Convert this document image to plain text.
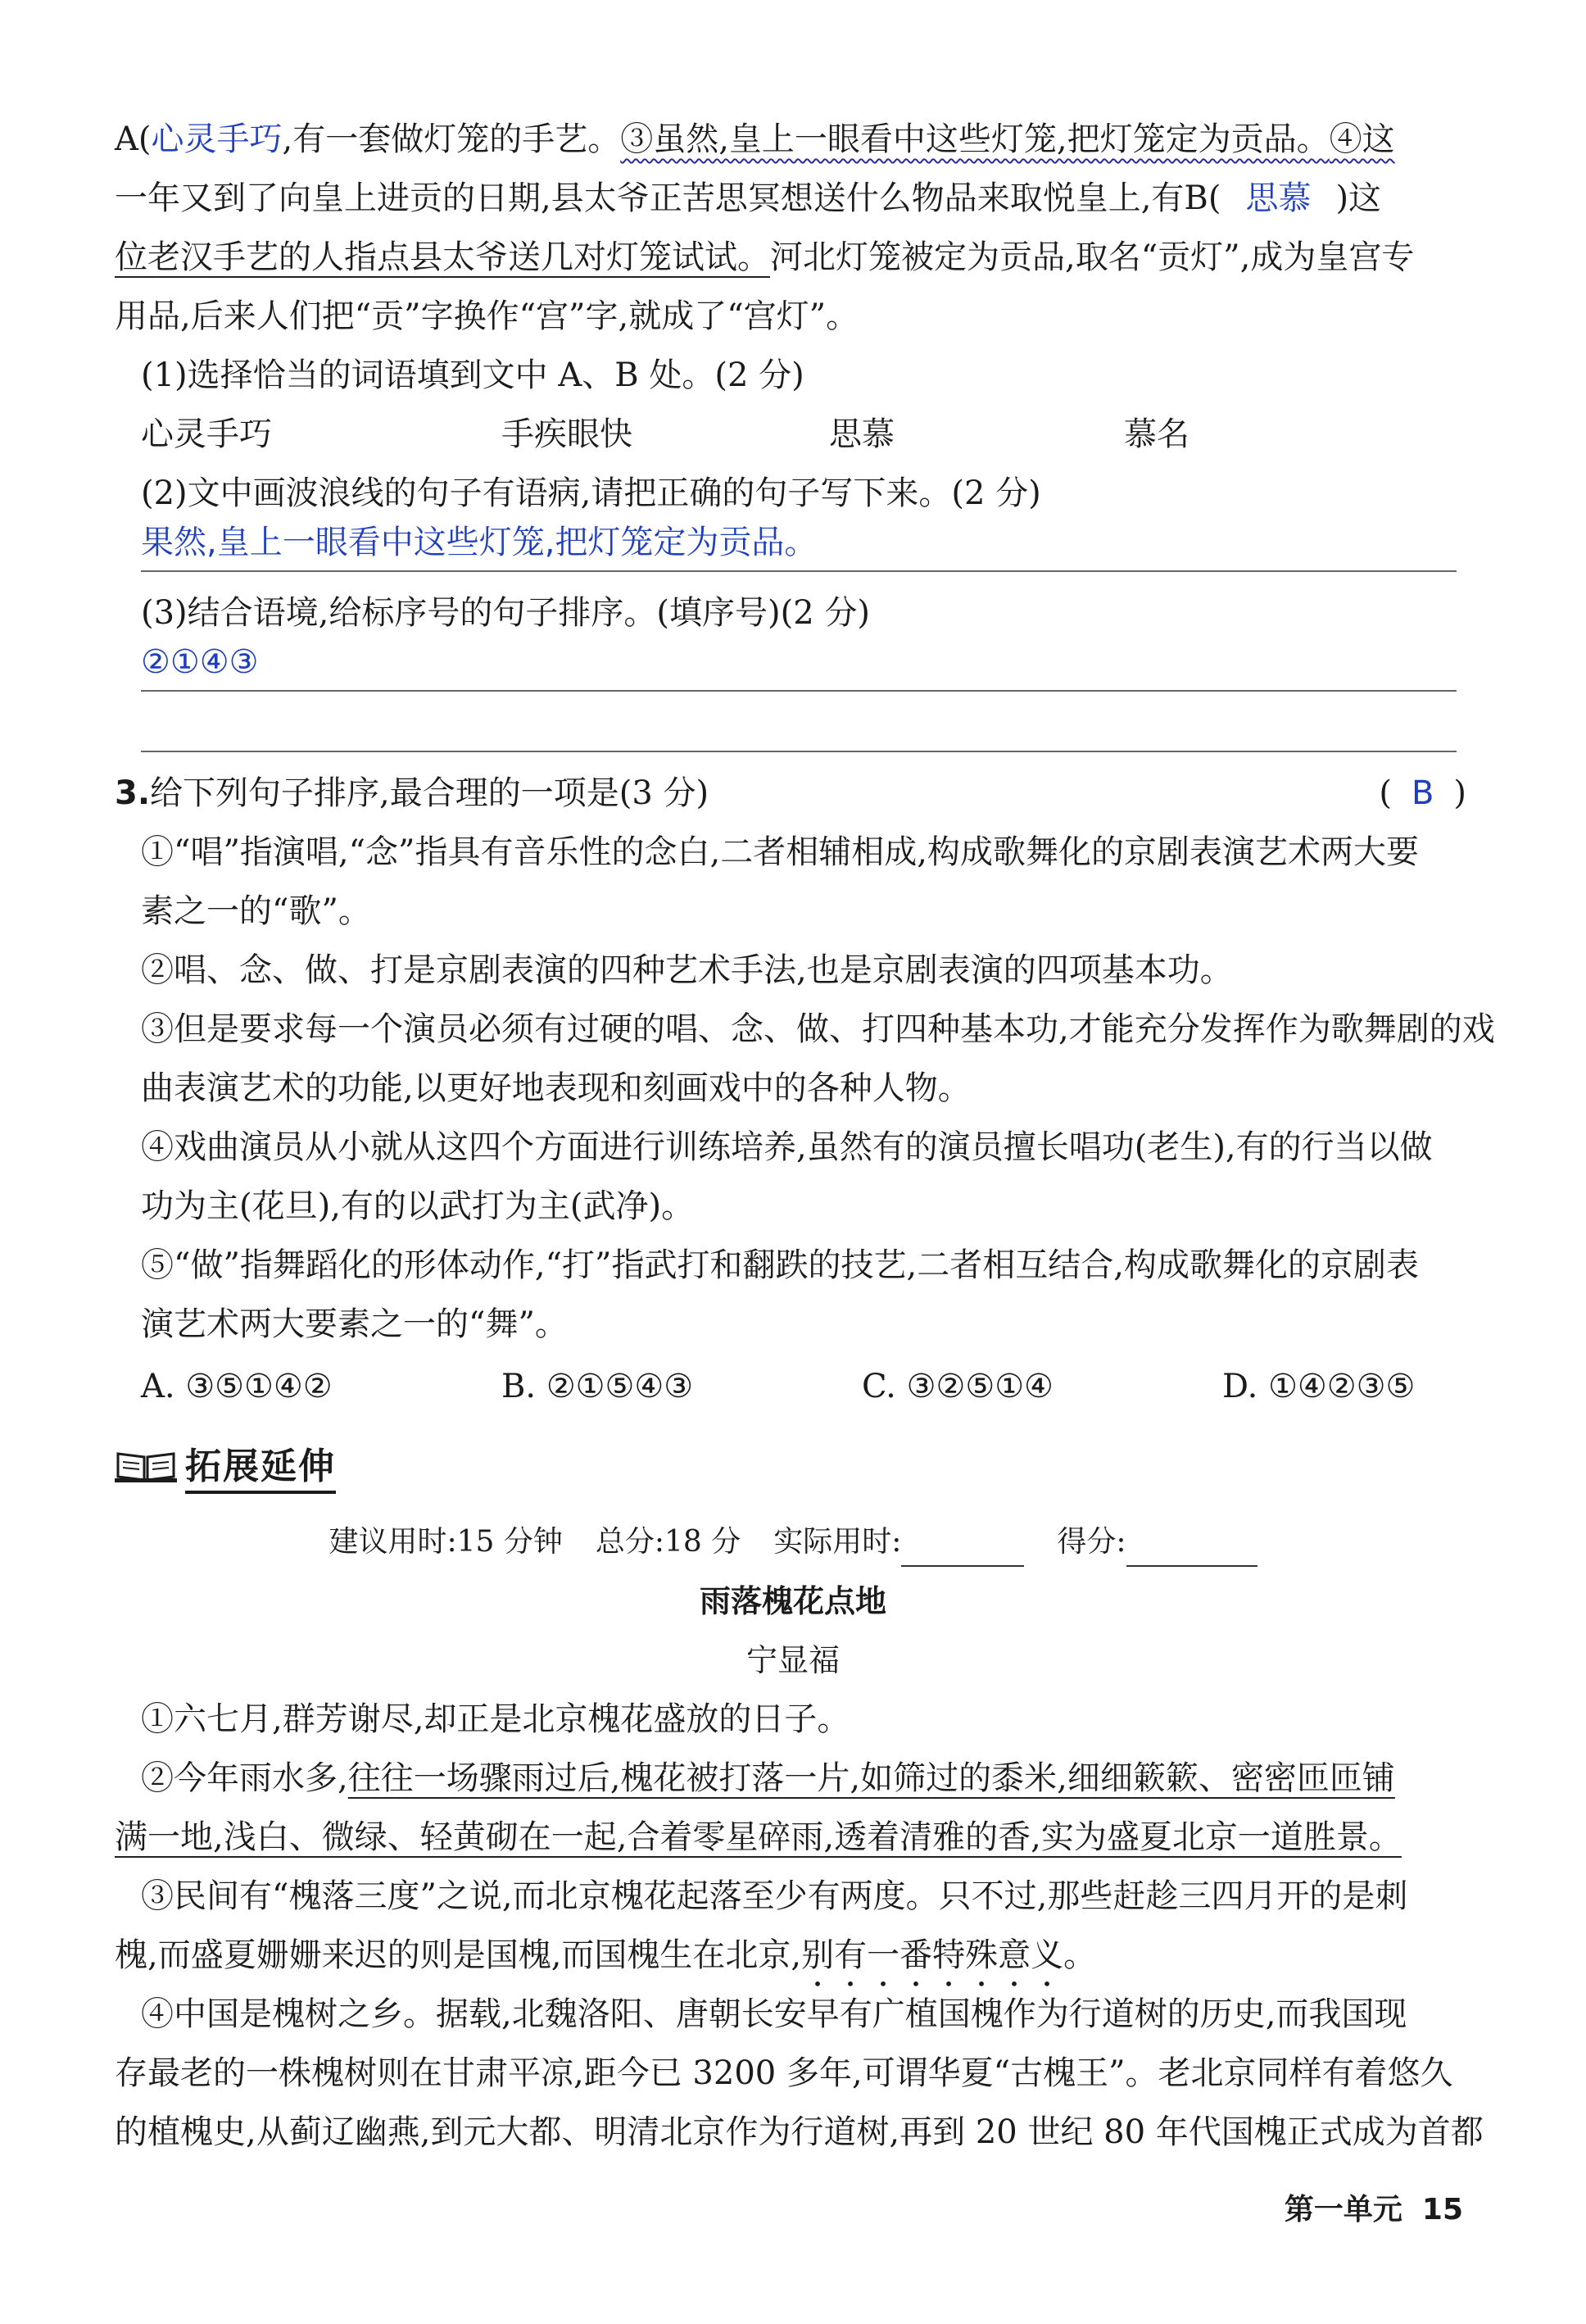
A(心灵手巧,有一套做灯笼的手艺。③虽然,皇上一眼看中这些灯笼,把灯笼定为贡品。④这
一年又到了向皇上进贡的日期,县太爷正苦思冥想送什么物品来取悦皇上,有B( 思慕 )这
位老汉手艺的人指点县太爷送几对灯笼试试。河北灯笼被定为贡品,取名“贡灯”,成为皇宫专
用品,后来人们把“贡”字换作“宫”字,就成了“宫灯”。
(1)选择恰当的词语填到文中 A、B 处。(2 分)
心灵手巧	手疾眼快	思慕	慕名
(2)文中画波浪线的句子有语病,请把正确的句子写下来。(2 分)
果然,皇上一眼看中这些灯笼,把灯笼定为贡品。
(3)结合语境,给标序号的句子排序。(填序号)(2 分)
②①④③
3.给下列句子排序,最合理的一项是(3 分)	( B )
①“唱”指演唱,“念”指具有音乐性的念白,二者相辅相成,构成歌舞化的京剧表演艺术两大要
素之一的“歌”。
②唱、念、做、打是京剧表演的四种艺术手法,也是京剧表演的四项基本功。
③但是要求每一个演员必须有过硬的唱、念、做、打四种基本功,才能充分发挥作为歌舞剧的戏
曲表演艺术的功能,以更好地表现和刻画戏中的各种人物。
④戏曲演员从小就从这四个方面进行训练培养,虽然有的演员擅长唱功(老生),有的行当以做
功为主(花旦),有的以武打为主(武净)。
⑤“做”指舞蹈化的形体动作,“打”指武打和翻跌的技艺,二者相互结合,构成歌舞化的京剧表
演艺术两大要素之一的“舞”。
A. ③⑤①④②	B. ②①⑤④③	C. ③②⑤①④	D. ①④②③⑤
拓展延伸
建议用时:15 分钟 总分:18 分 实际用时:	得分:
雨落槐花点地
宁显福
①六七月,群芳谢尽,却正是北京槐花盛放的日子。
②今年雨水多,往往一场骤雨过后,槐花被打落一片,如筛过的黍米,细细簌簌、密密匝匝铺
满一地,浅白、微绿、轻黄砌在一起,合着零星碎雨,透着清雅的香,实为盛夏北京一道胜景。
③民间有“槐落三度”之说,而北京槐花起落至少有两度。只不过,那些赶趁三四月开的是刺
槐,而盛夏姗姗来迟的则是国槐,而国槐生在北京,别有一番特殊意义。
④中国是槐树之乡。据载,北魏洛阳、唐朝长安早有广植国槐作为行道树的历史,而我国现
存最老的一株槐树则在甘肃平凉,距今已 3200 多年,可谓华夏“古槐王”。老北京同样有着悠久
的植槐史,从蓟辽幽燕,到元大都、明清北京作为行道树,再到 20 世纪 80 年代国槐正式成为首都
第一单元 15
